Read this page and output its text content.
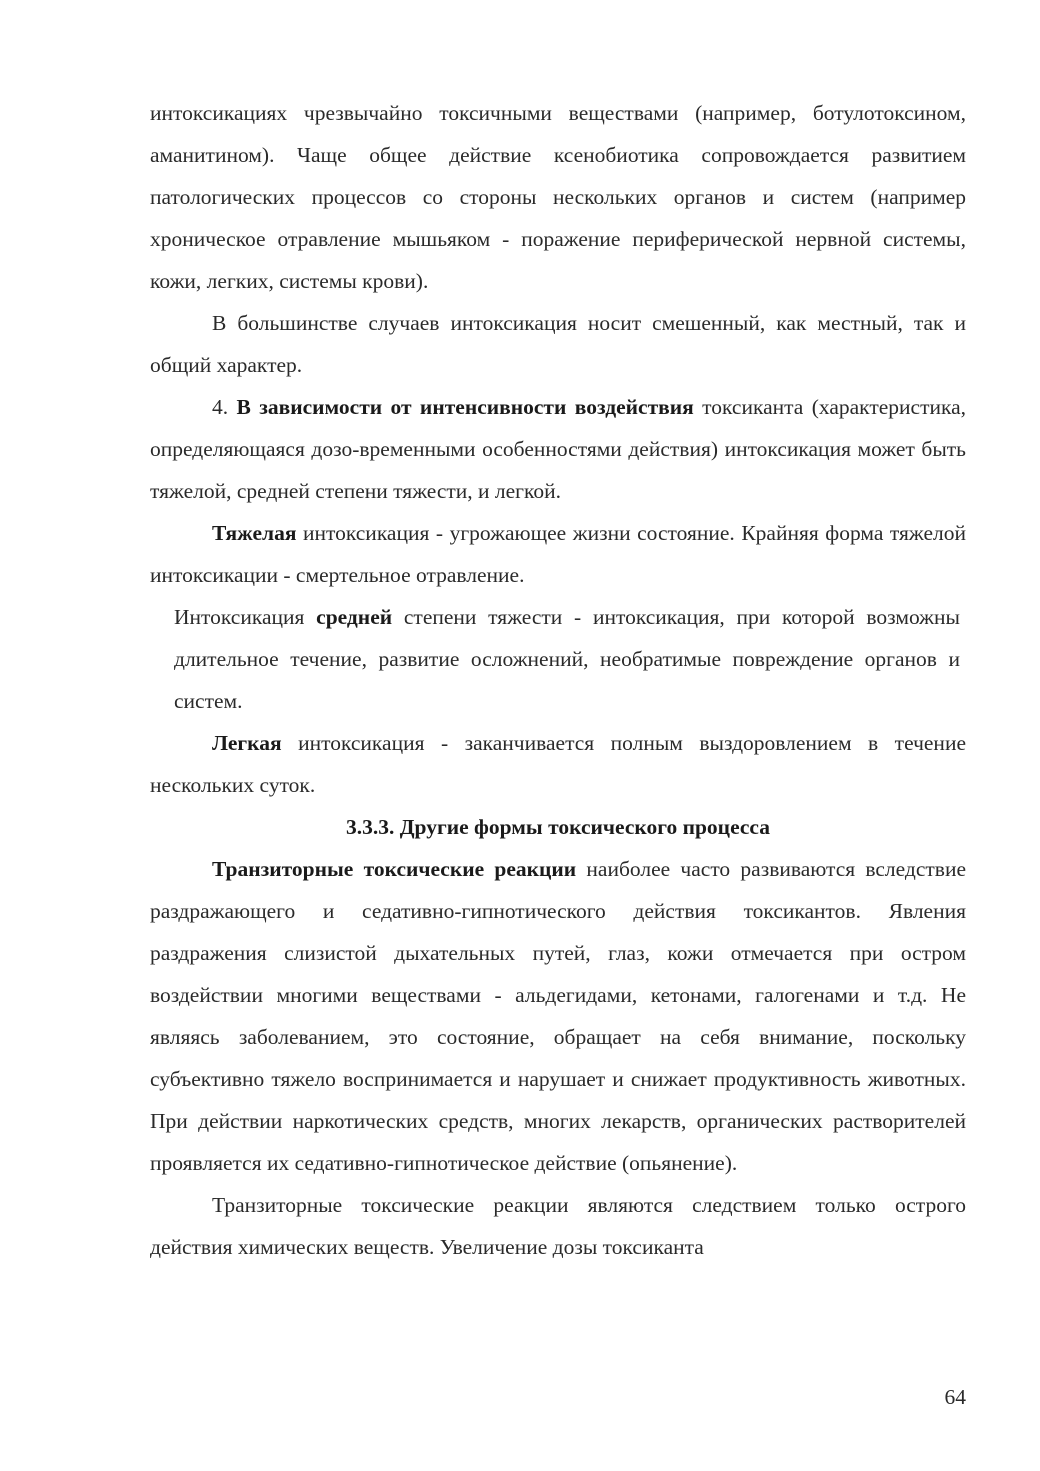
интоксикациях чрезвычайно токсичными веществами (например, ботулотоксином, аманитином). Чаще общее действие ксенобиотика сопровождается развитием патологических процессов со стороны нескольких органов и систем (например хроническое отравление мышьяком - поражение периферической нервной системы, кожи, легких, системы крови).

В большинстве случаев интоксикация носит смешенный, как местный, так и общий характер.

4. В зависимости от интенсивности воздействия токсиканта (характеристика, определяющаяся дозо-временными особенностями действия) интоксикация может быть тяжелой, средней степени тяжести, и легкой.

Тяжелая интоксикация - угрожающее жизни состояние. Крайняя форма тяжелой интоксикации - смертельное отравление.

Интоксикация средней степени тяжести - интоксикация, при которой возможны длительное течение, развитие осложнений, необратимые повреждение органов и систем.

Легкая интоксикация - заканчивается полным выздоровлением в течение нескольких суток.

3.3.3. Другие формы токсического процесса

Транзиторные токсические реакции наиболее часто развиваются вследствие раздражающего и седативно-гипнотического действия токсикантов. Явления раздражения слизистой дыхательных путей, глаз, кожи отмечается при остром воздействии многими веществами - альдегидами, кетонами, галогенами и т.д. Не являясь заболеванием, это состояние, обращает на себя внимание, поскольку субъективно тяжело воспринимается и нарушает и снижает продуктивность животных. При действии наркотических средств, многих лекарств, органических растворителей проявляется их седативно-гипнотическое действие (опьянение).

Транзиторные токсические реакции являются следствием только острого действия химических веществ. Увеличение дозы токсиканта

64
